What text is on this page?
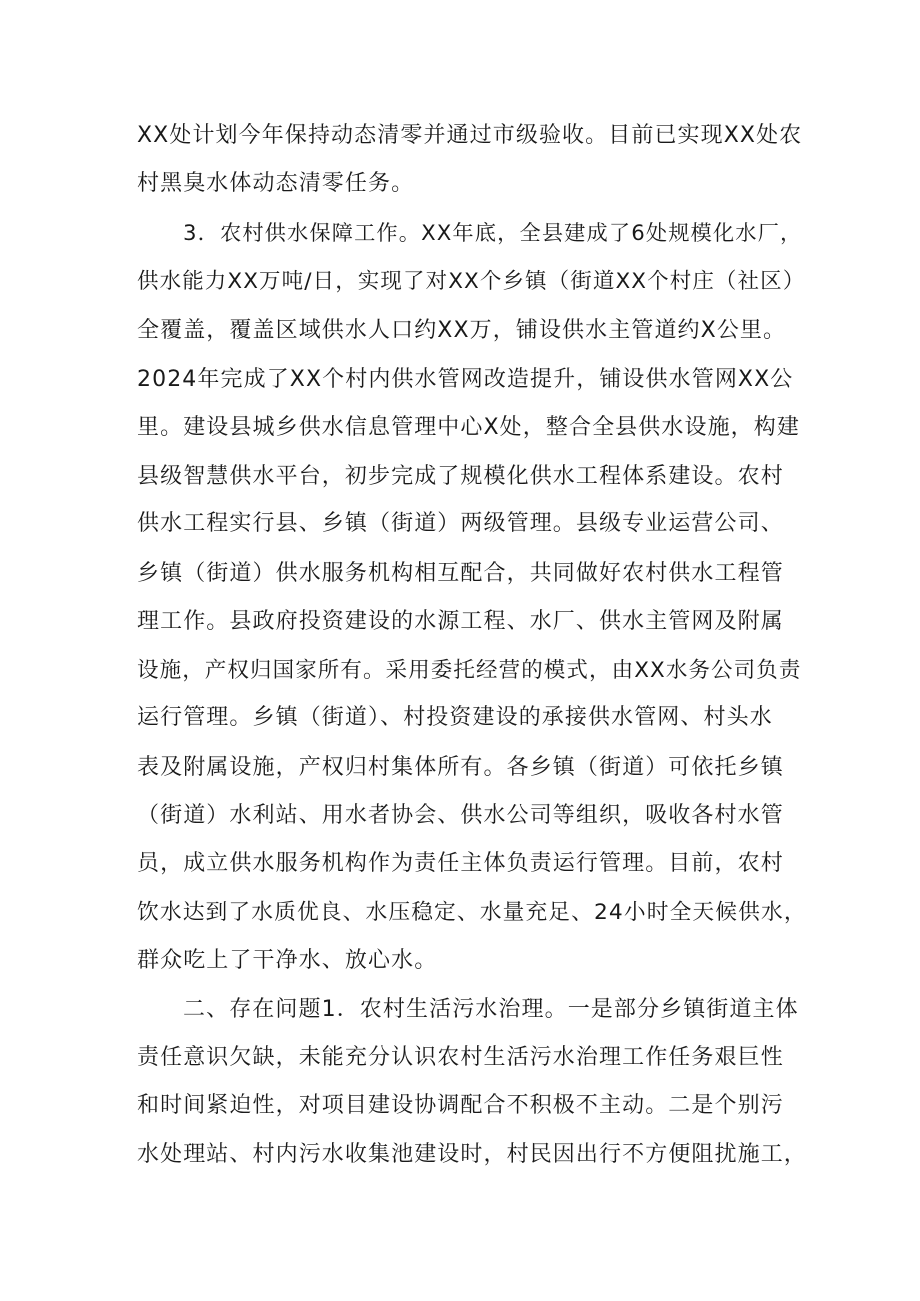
XX处计划今年保持动态清零并通过市级验收。目前已实现XX处农
村黑臭水体动态清零任务。
3．农村供水保障工作。XX年底，全县建成了6处规模化水厂，
供水能力XX万吨/日，实现了对XX个乡镇（街道XX个村庄（社区）
全覆盖，覆盖区域供水人口约XX万，铺设供水主管道约X公里。
2024年完成了XX个村内供水管网改造提升，铺设供水管网XX公
里。建设县城乡供水信息管理中心X处，整合全县供水设施，构建
县级智慧供水平台，初步完成了规模化供水工程体系建设。农村
供水工程实行县、乡镇（街道）两级管理。县级专业运营公司、
乡镇（街道）供水服务机构相互配合，共同做好农村供水工程管
理工作。县政府投资建设的水源工程、水厂、供水主管网及附属
设施，产权归国家所有。采用委托经营的模式，由XX水务公司负责
运行管理。乡镇（街道）、村投资建设的承接供水管网、村头水
表及附属设施，产权归村集体所有。各乡镇（街道）可依托乡镇
（街道）水利站、用水者协会、供水公司等组织，吸收各村水管
员，成立供水服务机构作为责任主体负责运行管理。目前，农村
饮水达到了水质优良、水压稳定、水量充足、24小时全天候供水，
群众吃上了干净水、放心水。
二、存在问题1．农村生活污水治理。一是部分乡镇街道主体
责任意识欠缺，未能充分认识农村生活污水治理工作任务艰巨性
和时间紧迫性，对项目建设协调配合不积极不主动。二是个别污
水处理站、村内污水收集池建设时，村民因出行不方便阻扰施工，
